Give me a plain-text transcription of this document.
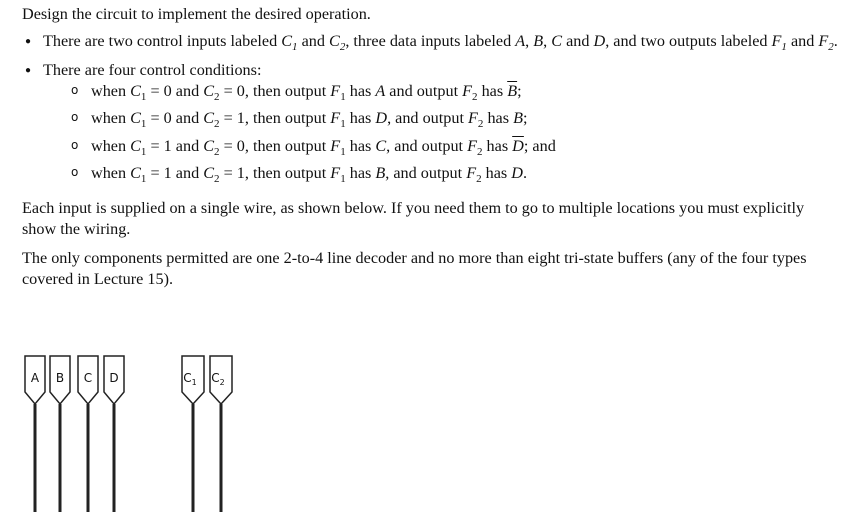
Design the circuit to implement the desired operation.

● There are two control inputs labeled $C_1$ and $C_2$, three data inputs labeled A, B, C and D, and two outputs labeled $F_1$ and $F_2$.
● There are four control conditions:
o when $C_1 = 0$ and $C_2 = 0$, then output $F_1$ has A and output $F_2$ has $\overline{B}$;
o when $C_1 = 0$ and $C_2 = 1$, then output $F_1$ has D, and output $F_2$ has B;
o when $C_1 = 1$ and $C_2 = 0$, then output $F_1$ has C, and output $F_2$ has $\overline{D}$; and
o when $C_1 = 1$ and $C_2 = 1$, then output $F_1$ has B, and output $F_2$ has D.

Each input is supplied on a single wire, as shown below. If you need them to go to multiple locations you must explicitly show the wiring.

The only components permitted are one 2-to-4 line decoder and no more than eight tri-state buffers (any of the four types covered in Lecture 15).

A B C D	$C_1$ $C_2$
